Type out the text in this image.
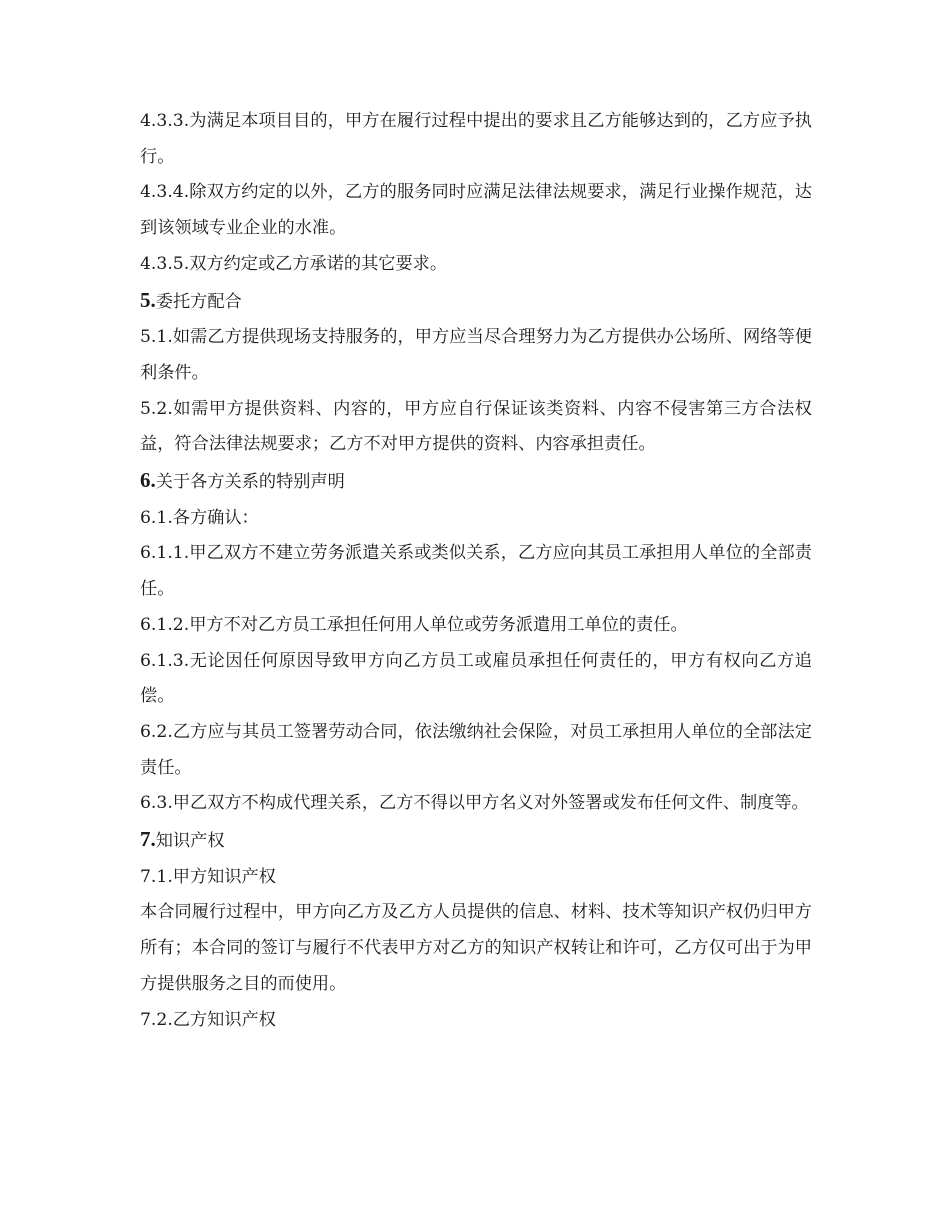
4.3.3.为满足本项目目的，甲方在履行过程中提出的要求且乙方能够达到的，乙方应予执行。

4.3.4.除双方约定的以外，乙方的服务同时应满足法律法规要求，满足行业操作规范，达到该领域专业企业的水准。

4.3.5.双方约定或乙方承诺的其它要求。

5.委托方配合

5.1.如需乙方提供现场支持服务的，甲方应当尽合理努力为乙方提供办公场所、网络等便利条件。

5.2.如需甲方提供资料、内容的，甲方应自行保证该类资料、内容不侵害第三方合法权益，符合法律法规要求；乙方不对甲方提供的资料、内容承担责任。

6.关于各方关系的特别声明

6.1.各方确认：

6.1.1.甲乙双方不建立劳务派遣关系或类似关系，乙方应向其员工承担用人单位的全部责任。

6.1.2.甲方不对乙方员工承担任何用人单位或劳务派遣用工单位的责任。

6.1.3.无论因任何原因导致甲方向乙方员工或雇员承担任何责任的，甲方有权向乙方追偿。

6.2.乙方应与其员工签署劳动合同，依法缴纳社会保险，对员工承担用人单位的全部法定责任。

6.3.甲乙双方不构成代理关系，乙方不得以甲方名义对外签署或发布任何文件、制度等。

7.知识产权

7.1.甲方知识产权

本合同履行过程中，甲方向乙方及乙方人员提供的信息、材料、技术等知识产权仍归甲方所有；本合同的签订与履行不代表甲方对乙方的知识产权转让和许可，乙方仅可出于为甲方提供服务之目的而使用。

7.2.乙方知识产权
